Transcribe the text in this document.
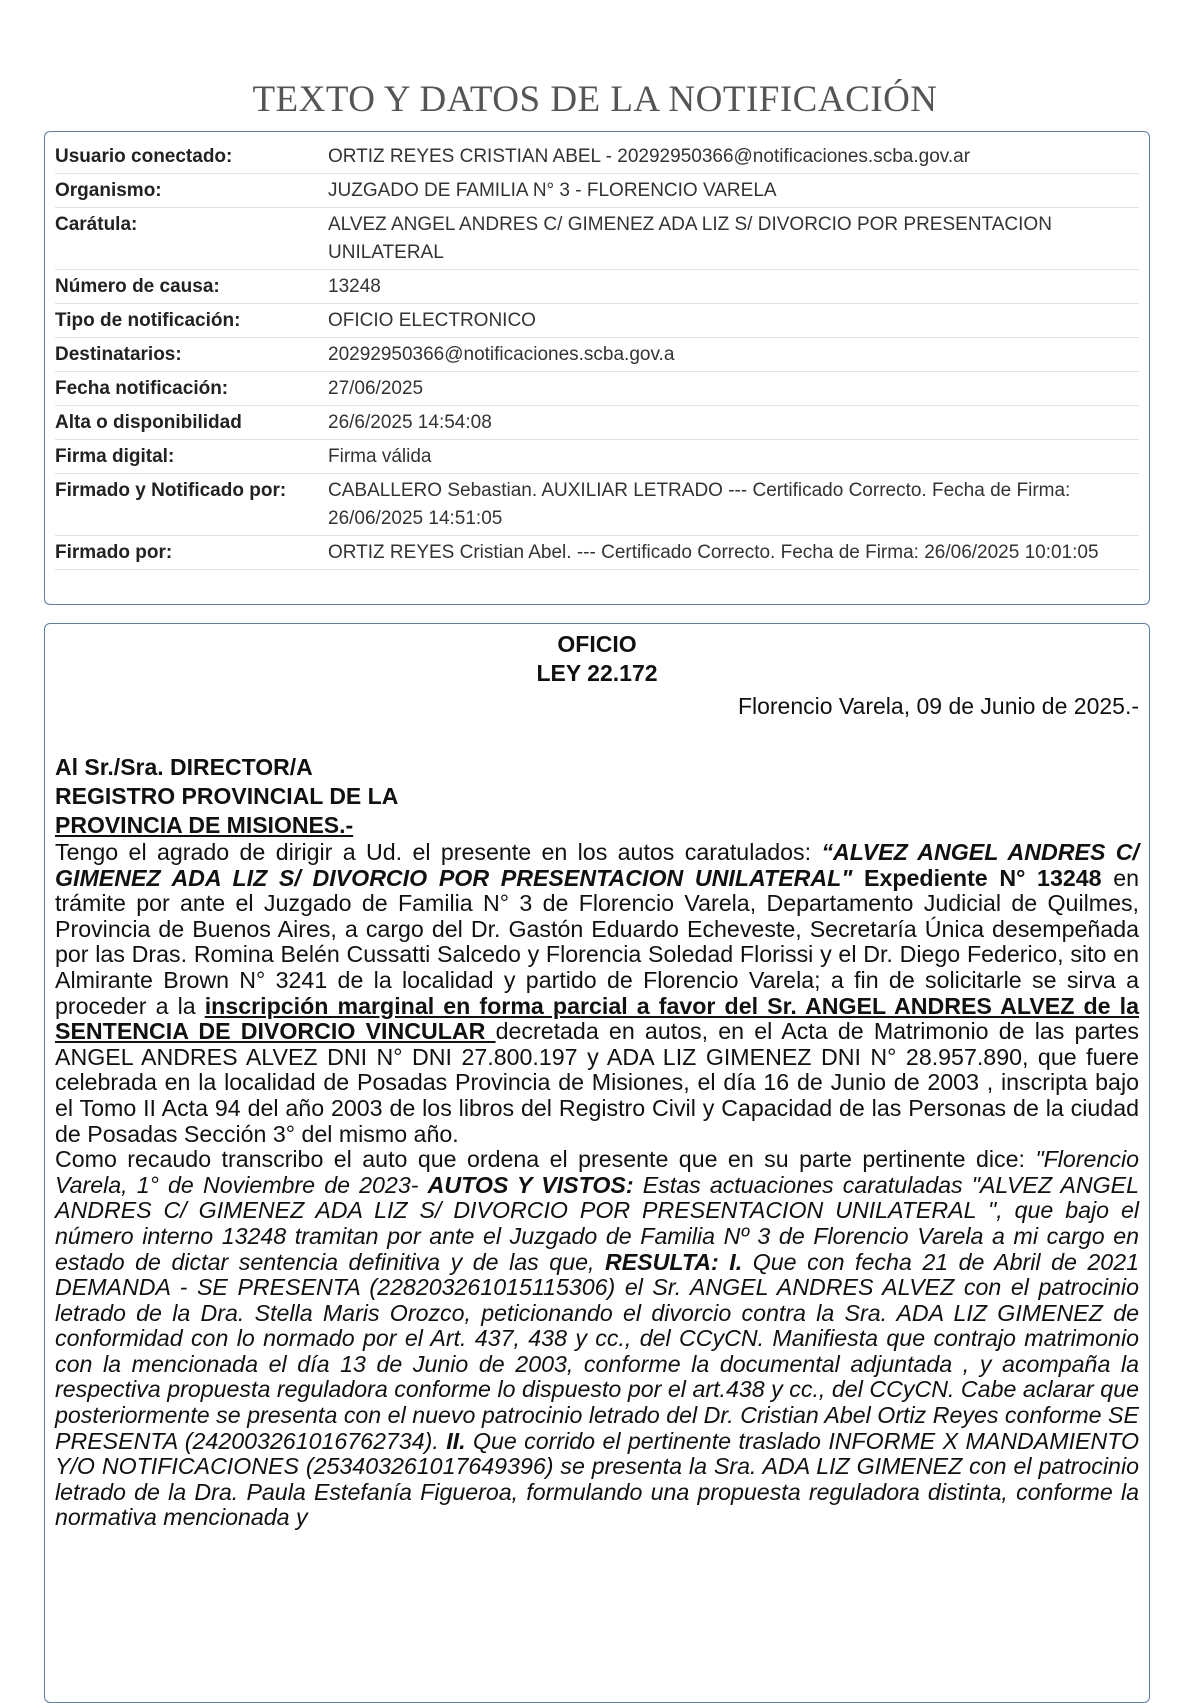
TEXTO Y DATOS DE LA NOTIFICACIÓN
Usuario conectado:	ORTIZ REYES CRISTIAN ABEL - 20292950366@notificaciones.scba.gov.ar
Organismo:	JUZGADO DE FAMILIA N° 3 - FLORENCIO VARELA
Carátula:	ALVEZ ANGEL ANDRES C/ GIMENEZ ADA LIZ S/ DIVORCIO POR PRESENTACION UNILATERAL
Número de causa:	13248
Tipo de notificación:	OFICIO ELECTRONICO
Destinatarios:	20292950366@notificaciones.scba.gov.a
Fecha notificación:	27/06/2025
Alta o disponibilidad	26/6/2025 14:54:08
Firma digital:	Firma válida
Firmado y Notificado por:	CABALLERO Sebastian. AUXILIAR LETRADO --- Certificado Correcto. Fecha de Firma: 26/06/2025 14:51:05
Firmado por:	ORTIZ REYES Cristian Abel. --- Certificado Correcto. Fecha de Firma: 26/06/2025 10:01:05
OFICIO
LEY 22.172
Florencio Varela, 09 de Junio de 2025.-
Al Sr./Sra. DIRECTOR/A
REGISTRO PROVINCIAL DE LA
PROVINCIA DE MISIONES.-

Tengo el agrado de dirigir a Ud. el presente en los autos caratulados: “ALVEZ ANGEL ANDRES C/ GIMENEZ ADA LIZ S/ DIVORCIO POR PRESENTACION UNILATERAL" Expediente N° 13248 en trámite por ante el Juzgado de Familia N° 3 de Florencio Varela, Departamento Judicial de Quilmes, Provincia de Buenos Aires, a cargo del Dr. Gastón Eduardo Echeveste, Secretaría Única desempeñada por las Dras. Romina Belén Cussatti Salcedo y Florencia Soledad Florissi y el Dr. Diego Federico, sito en Almirante Brown N° 3241 de la localidad y partido de Florencio Varela; a fin de solicitarle se sirva a proceder a la inscripción marginal en forma parcial a favor del Sr. ANGEL ANDRES ALVEZ de la SENTENCIA DE DIVORCIO VINCULAR decretada en autos, en el Acta de Matrimonio de las partes ANGEL ANDRES ALVEZ DNI N° DNI 27.800.197 y ADA LIZ GIMENEZ DNI N° 28.957.890, que fuere celebrada en la localidad de Posadas Provincia de Misiones, el día 16 de Junio de 2003 , inscripta bajo el Tomo II Acta 94 del año 2003 de los libros del Registro Civil y Capacidad de las Personas de la ciudad de Posadas Sección 3° del mismo año.

Como recaudo transcribo el auto que ordena el presente que en su parte pertinente dice: "Florencio Varela, 1° de Noviembre de 2023- AUTOS Y VISTOS: Estas actuaciones caratuladas "ALVEZ ANGEL ANDRES C/ GIMENEZ ADA LIZ S/ DIVORCIO POR PRESENTACION UNILATERAL ", que bajo el número interno 13248 tramitan por ante el Juzgado de Familia Nº 3 de Florencio Varela a mi cargo en estado de dictar sentencia definitiva y de las que, RESULTA: I. Que con fecha 21 de Abril de 2021 DEMANDA - SE PRESENTA (228203261015115306) el Sr. ANGEL ANDRES ALVEZ con el patrocinio letrado de la Dra. Stella Maris Orozco, peticionando el divorcio contra la Sra. ADA LIZ GIMENEZ de conformidad con lo normado por el Art. 437, 438 y cc., del CCyCN. Manifiesta que contrajo matrimonio con la mencionada el día 13 de Junio de 2003, conforme la documental adjuntada , y acompaña la respectiva propuesta reguladora conforme lo dispuesto por el art.438 y cc., del CCyCN. Cabe aclarar que posteriormente se presenta con el nuevo patrocinio letrado del Dr. Cristian Abel Ortiz Reyes conforme SE PRESENTA (242003261016762734). II. Que corrido el pertinente traslado INFORME X MANDAMIENTO Y/O NOTIFICACIONES (253403261017649396) se presenta la Sra. ADA LIZ GIMENEZ con el patrocinio letrado de la Dra. Paula Estefanía Figueroa, formulando una propuesta reguladora distinta, conforme la normativa mencionada y
